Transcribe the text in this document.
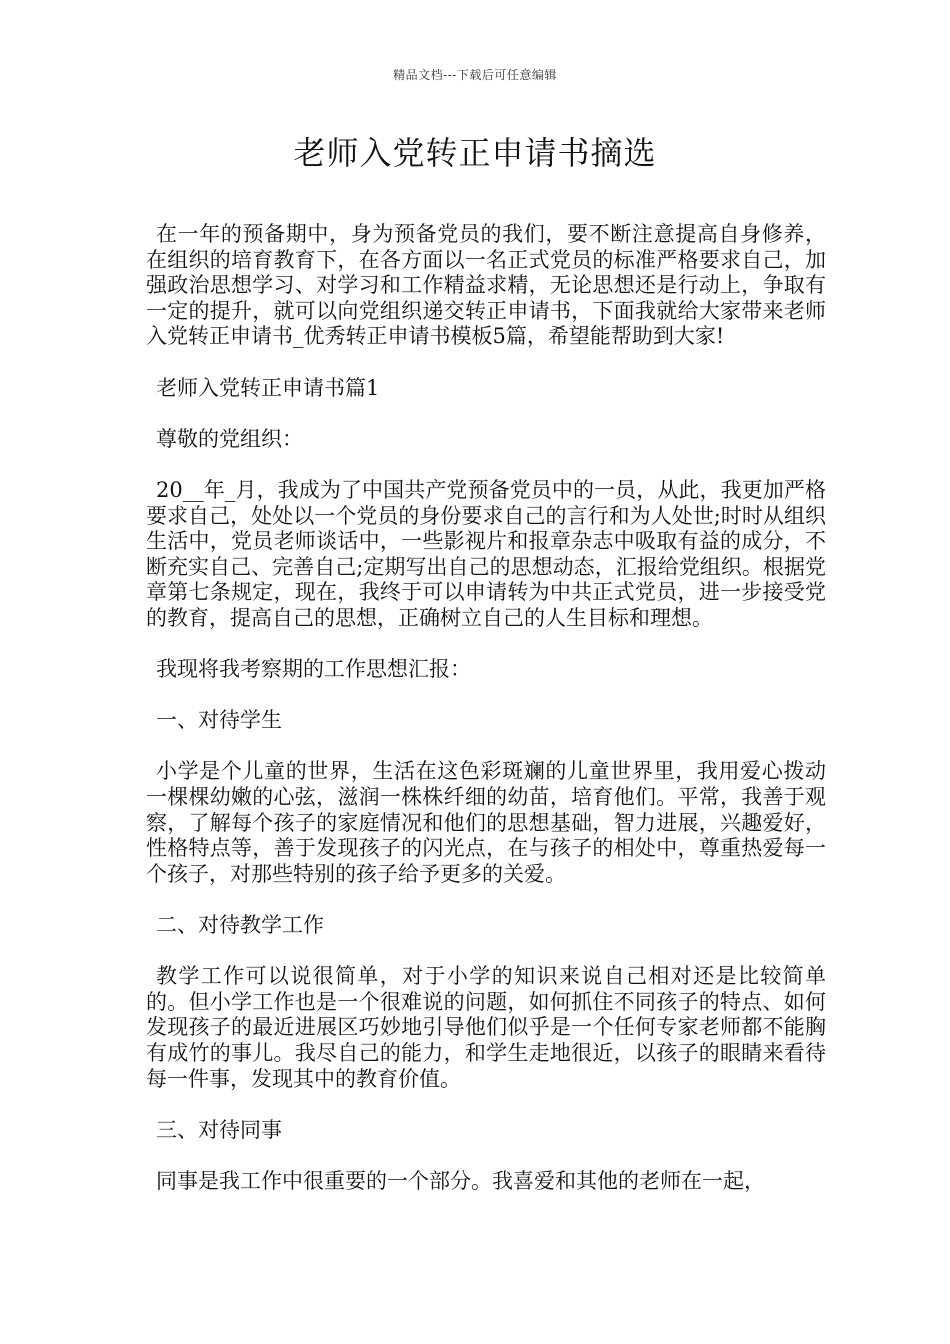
精品文档---下载后可任意编辑
老师入党转正申请书摘选

在一年的预备期中，身为预备党员的我们，要不断注意提高自身修养，在组织的培育教育下，在各方面以一名正式党员的标准严格要求自己，加强政治思想学习、对学习和工作精益求精，无论思想还是行动上，争取有一定的提升，就可以向党组织递交转正申请书，下面我就给大家带来老师入党转正申请书_优秀转正申请书模板5篇，希望能帮助到大家!

老师入党转正申请书篇1

尊敬的党组织：

20__年_月，我成为了中国共产党预备党员中的一员，从此，我更加严格要求自己，处处以一个党员的身份要求自己的言行和为人处世;时时从组织生活中，党员老师谈话中，一些影视片和报章杂志中吸取有益的成分，不断充实自己、完善自己;定期写出自己的思想动态，汇报给党组织。根据党章第七条规定，现在，我终于可以申请转为中共正式党员，进一步接受党的教育，提高自己的思想，正确树立自己的人生目标和理想。

我现将我考察期的工作思想汇报：

一、对待学生

小学是个儿童的世界，生活在这色彩斑斓的儿童世界里，我用爱心拨动一棵棵幼嫩的心弦，滋润一株株纤细的幼苗，培育他们。平常，我善于观察，了解每个孩子的家庭情况和他们的思想基础，智力进展，兴趣爱好，性格特点等，善于发现孩子的闪光点，在与孩子的相处中，尊重热爱每一个孩子，对那些特别的孩子给予更多的关爱。

二、对待教学工作

教学工作可以说很简单，对于小学的知识来说自己相对还是比较简单的。但小学工作也是一个很难说的问题，如何抓住不同孩子的特点、如何发现孩子的最近进展区巧妙地引导他们似乎是一个任何专家老师都不能胸有成竹的事儿。我尽自己的能力，和学生走地很近，以孩子的眼睛来看待每一件事，发现其中的教育价值。

三、对待同事

同事是我工作中很重要的一个部分。我喜爱和其他的老师在一起，
